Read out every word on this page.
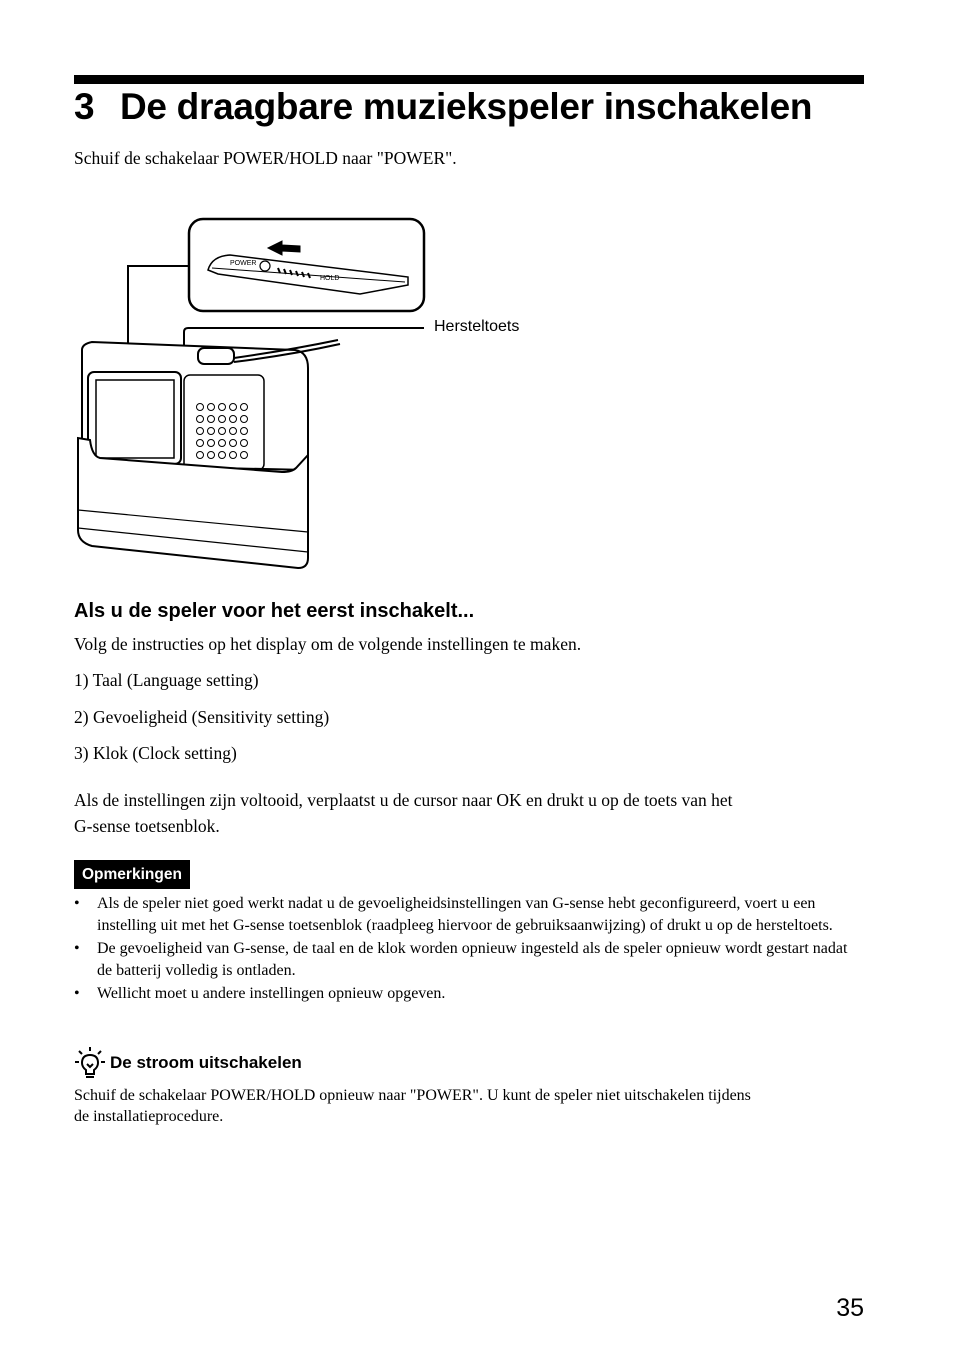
3 De draagbare muziekspeler inschakelen

Schuif de schakelaar POWER/HOLD naar "POWER".

POWER
HOLD
Hersteltoets
Als u de speler voor het eerst inschakelt...

Volg de instructies op het display om de volgende instellingen te maken.

1) Taal (Language setting)

2) Gevoeligheid (Sensitivity setting)

3) Klok (Clock setting)

Als de instellingen zijn voltooid, verplaatst u de cursor naar OK en drukt u op de toets van het

G-sense toetsenblok.

Opmerkingen
• Als de speler niet goed werkt nadat u de gevoeligheidsinstellingen van G-sense hebt geconfigureerd, voert u een instelling uit met het G-sense toetsenblok (raadpleeg hiervoor de gebruiksaanwijzing) of drukt u op de hersteltoets.
• De gevoeligheid van G-sense, de taal en de klok worden opnieuw ingesteld als de speler opnieuw wordt gestart nadat de batterij volledig is ontladen.
• Wellicht moet u andere instellingen opnieuw opgeven.
De stroom uitschakelen

Schuif de schakelaar POWER/HOLD opnieuw naar "POWER". U kunt de speler niet uitschakelen tijdens

de installatieprocedure.

35
